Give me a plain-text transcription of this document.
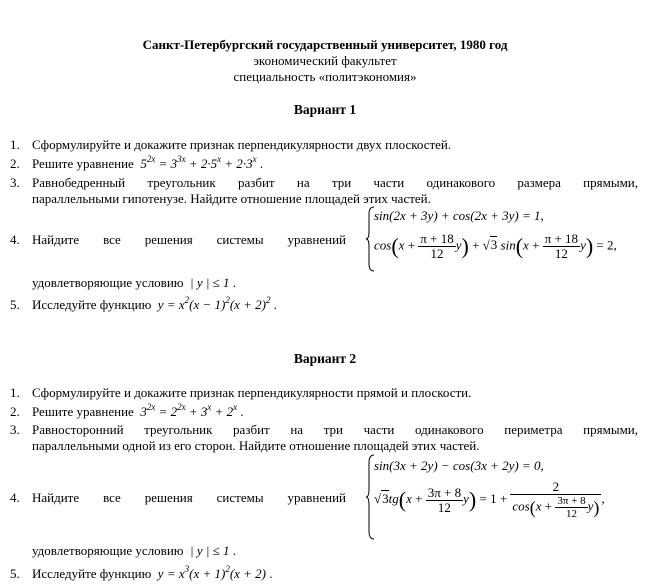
Санкт-Петербургский государственный университет, 1980 год
экономический факультет
специальность «политэкономия»
Вариант 1
1. Сформулируйте и докажите признак перпендикулярности двух плоскостей.
2. Решите уравнение $5^{2x} = 3^{3x} + 2\cdot 5^x + 2\cdot 3^x$ .
3. Равнобедренный треугольник разбит на три части одинакового размера прямыми,
параллельными гипотенузе. Найдите отношение площадей этих частей.
4. Найдите все решения системы уравнений
sin(2x + 3y) + cos(2x + 3y) = 1,
$\cos(x + \frac{\pi + 18}{12} y) + √3$ $\sin(x + \frac{\pi + 18}{12} y) = 2$,
удовлетворяющие условию  | y | ≤ 1 .
5. Исследуйте функцию $y = x^2(x - 1)^2(x + 2)^2$ .
Вариант 2
1. Сформулируйте и докажите признак перпендикулярности прямой и плоскости.
2. Решите уравнение $3^{2x} = 2^{2x} + 3^x + 2^x$ .
3. Равносторонний треугольник разбит на три части одинакового периметра прямыми,
параллельными одной из его сторон. Найдите отношение площадей этих частей.
4. Найдите все решения системы уравнений
sin(3x + 2y) − cos(3x + 2y) = 0,
$√3tg(x + \frac{3\pi + 8}{12} y) = 1 + \frac{2}{\cos(x + \frac{3\pi + 8}{12} y)}$ ,
удовлетворяющие условию  | y | ≤ 1 .
5. Исследуйте функцию $y = x^3(x + 1)^2(x + 2)$ .
